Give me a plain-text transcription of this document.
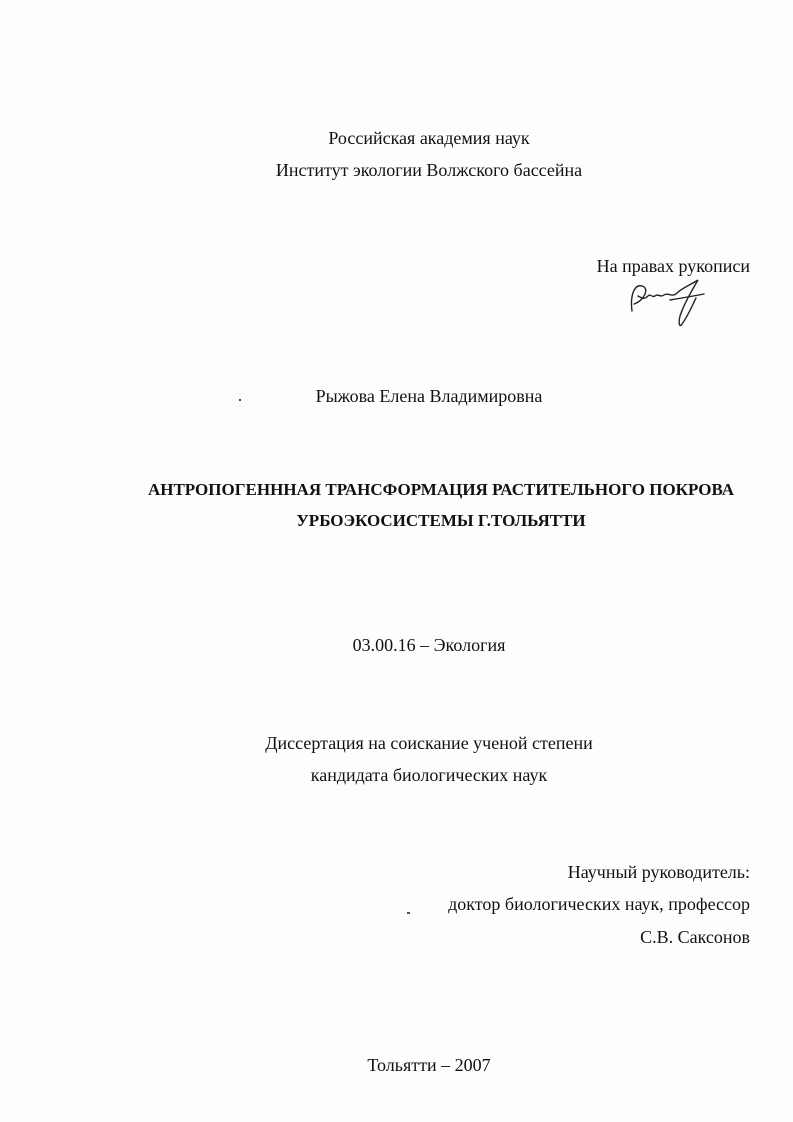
Российская академия наук
Институт экологии Волжского бассейна
На правах рукописи
Рыжова Елена Владимировна
АНТРОПОГЕНННАЯ ТРАНСФОРМАЦИЯ РАСТИТЕЛЬНОГО ПОКРОВА
УРБОЭКОСИСТЕМЫ Г.ТОЛЬЯТТИ
03.00.16 – Экология
Диссертация на соискание ученой степени
кандидата биологических наук
Научный руководитель:
доктор биологических наук, профессор
С.В. Саксонов
Тольятти – 2007
